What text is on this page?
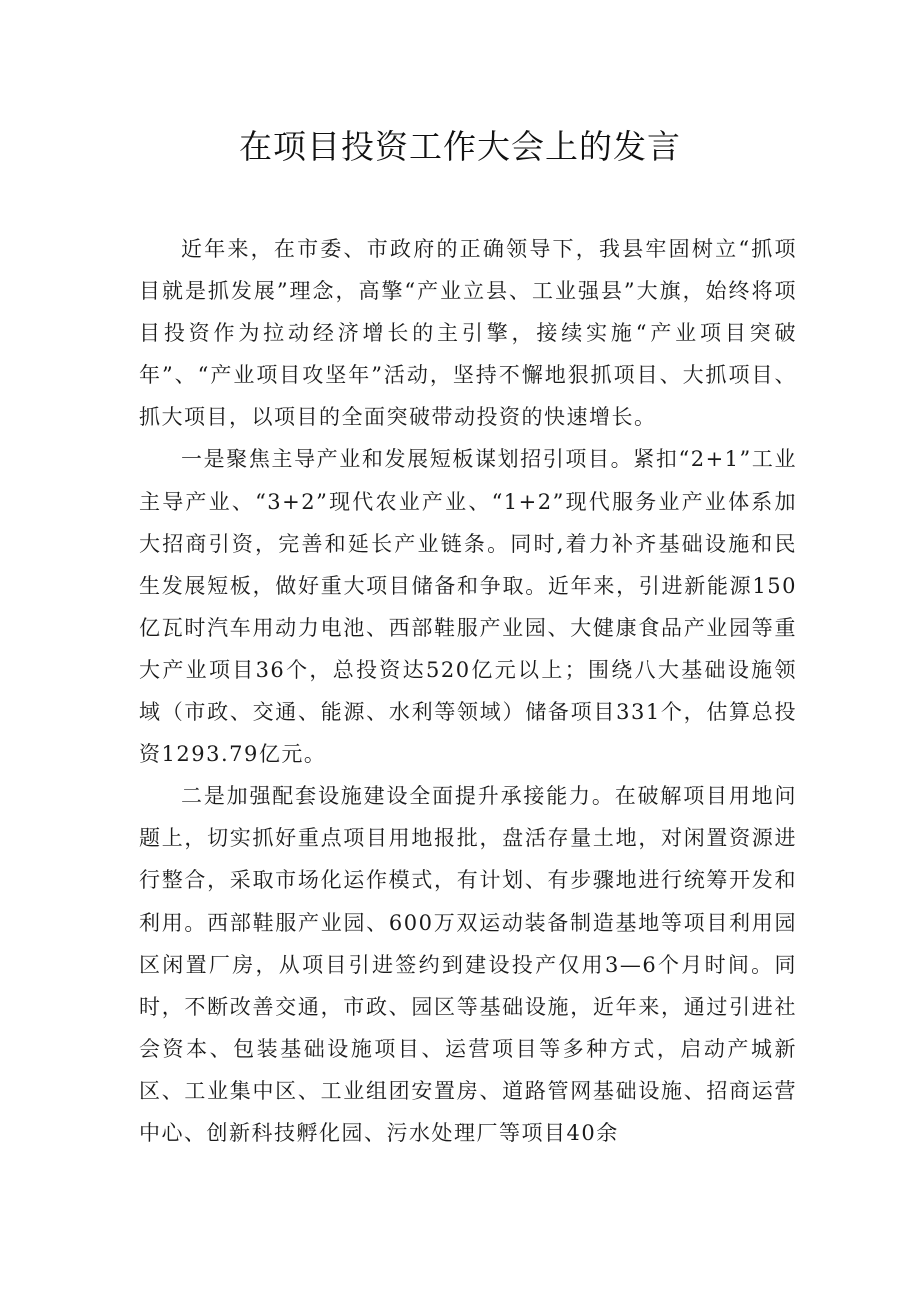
在项目投资工作大会上的发言

近年来，在市委、市政府的正确领导下，我县牢固树立“抓项目就是抓发展”理念，高擎“产业立县、工业强县”大旗，始终将项目投资作为拉动经济增长的主引擎，接续实施“产业项目突破年”、“产业项目攻坚年”活动，坚持不懈地狠抓项目、大抓项目、抓大项目，以项目的全面突破带动投资的快速增长。

一是聚焦主导产业和发展短板谋划招引项目。紧扣“2+1”工业主导产业、“3+2”现代农业产业、“1+2”现代服务业产业体系加大招商引资，完善和延长产业链条。同时,着力补齐基础设施和民生发展短板，做好重大项目储备和争取。近年来，引进新能源150亿瓦时汽车用动力电池、西部鞋服产业园、大健康食品产业园等重大产业项目36个，总投资达520亿元以上；围绕八大基础设施领域（市政、交通、能源、水利等领域）储备项目331个，估算总投资1293.79亿元。

二是加强配套设施建设全面提升承接能力。在破解项目用地问题上，切实抓好重点项目用地报批，盘活存量土地，对闲置资源进行整合，采取市场化运作模式，有计划、有步骤地进行统筹开发和利用。西部鞋服产业园、600万双运动装备制造基地等项目利用园区闲置厂房，从项目引进签约到建设投产仅用3—6个月时间。同时，不断改善交通，市政、园区等基础设施，近年来，通过引进社会资本、包装基础设施项目、运营项目等多种方式，启动产城新区、工业集中区、工业组团安置房、道路管网基础设施、招商运营中心、创新科技孵化园、污水处理厂等项目40余
